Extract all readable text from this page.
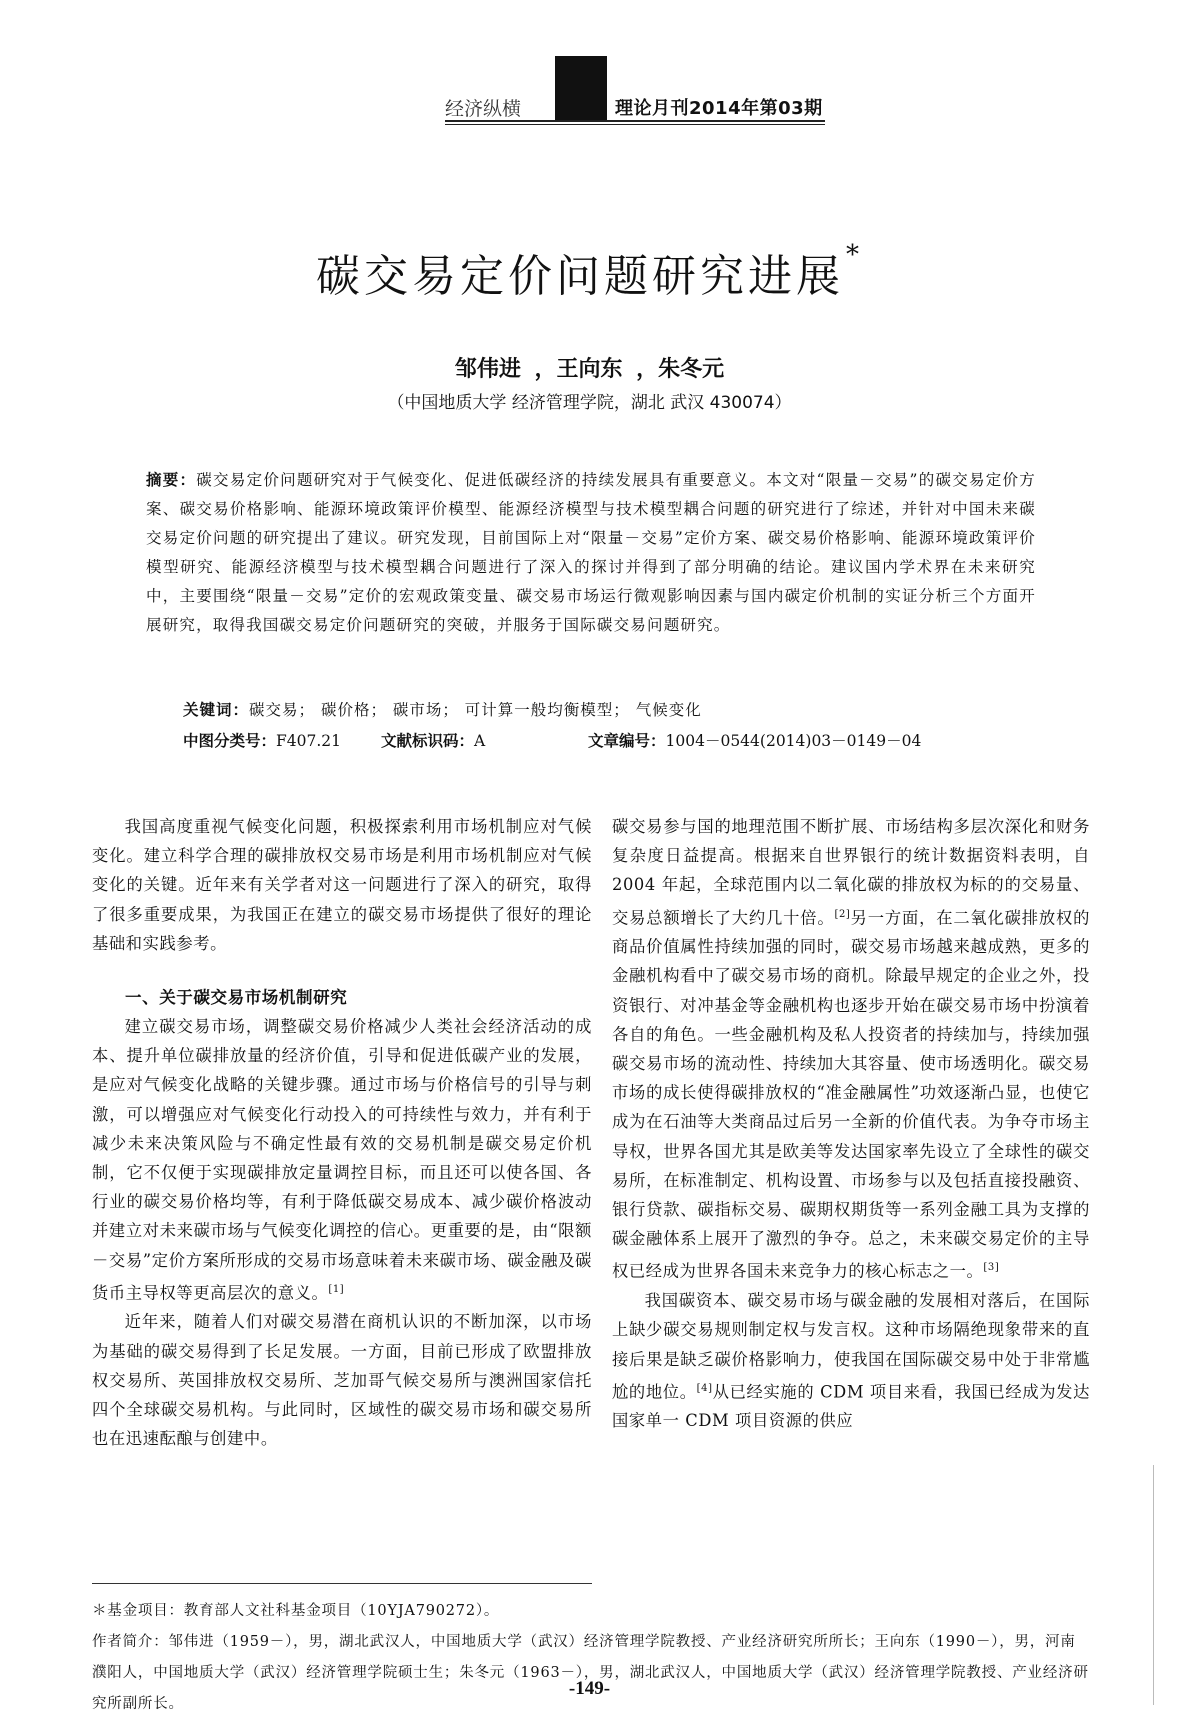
经济纵横	理论月刊2014年第03期
碳交易定价问题研究进展*
邹伟进 ，王向东 ，朱冬元
（中国地质大学 经济管理学院，湖北 武汉 430074）
摘要：碳交易定价问题研究对于气候变化、促进低碳经济的持续发展具有重要意义。本文对“限量－交易”的碳交易定价方案、碳交易价格影响、能源环境政策评价模型、能源经济模型与技术模型耦合问题的研究进行了综述，并针对中国未来碳交易定价问题的研究提出了建议。研究发现，目前国际上对“限量－交易”定价方案、碳交易价格影响、能源环境政策评价模型研究、能源经济模型与技术模型耦合问题进行了深入的探讨并得到了部分明确的结论。建议国内学术界在未来研究中，主要围绕“限量－交易”定价的宏观政策变量、碳交易市场运行微观影响因素与国内碳定价机制的实证分析三个方面开展研究，取得我国碳交易定价问题研究的突破，并服务于国际碳交易问题研究。
关键词：碳交易； 碳价格； 碳市场； 可计算一般均衡模型； 气候变化
中图分类号：F407.21	文献标识码：A	文章编号：1004－0544(2014)03－0149－04

我国高度重视气候变化问题，积极探索利用市场机制应对气候变化。建立科学合理的碳排放权交易市场是利用市场机制应对气候变化的关键。近年来有关学者对这一问题进行了深入的研究，取得了很多重要成果，为我国正在建立的碳交易市场提供了很好的理论基础和实践参考。

一、关于碳交易市场机制研究

建立碳交易市场，调整碳交易价格减少人类社会经济活动的成本、提升单位碳排放量的经济价值，引导和促进低碳产业的发展，是应对气候变化战略的关键步骤。通过市场与价格信号的引导与刺激，可以增强应对气候变化行动投入的可持续性与效力，并有利于减少未来决策风险与不确定性最有效的交易机制是碳交易定价机制，它不仅便于实现碳排放定量调控目标，而且还可以使各国、各行业的碳交易价格均等，有利于降低碳交易成本、减少碳价格波动并建立对未来碳市场与气候变化调控的信心。更重要的是，由“限额－交易”定价方案所形成的交易市场意味着未来碳市场、碳金融及碳货币主导权等更高层次的意义。[1]

近年来，随着人们对碳交易潜在商机认识的不断加深，以市场为基础的碳交易得到了长足发展。一方面，目前已形成了欧盟排放权交易所、英国排放权交易所、芝加哥气候交易所与澳洲国家信托四个全球碳交易机构。与此同时，区域性的碳交易市场和碳交易所也在迅速酝酿与创建中。

碳交易参与国的地理范围不断扩展、市场结构多层次深化和财务复杂度日益提高。根据来自世界银行的统计数据资料表明，自 2004 年起，全球范围内以二氧化碳的排放权为标的的交易量、交易总额增长了大约几十倍。[2]另一方面，在二氧化碳排放权的商品价值属性持续加强的同时，碳交易市场越来越成熟，更多的金融机构看中了碳交易市场的商机。除最早规定的企业之外，投资银行、对冲基金等金融机构也逐步开始在碳交易市场中扮演着各自的角色。一些金融机构及私人投资者的持续加与，持续加强碳交易市场的流动性、持续加大其容量、使市场透明化。碳交易市场的成长使得碳排放权的“准金融属性”功效逐渐凸显，也使它成为在石油等大类商品过后另一全新的价值代表。为争夺市场主导权，世界各国尤其是欧美等发达国家率先设立了全球性的碳交易所，在标准制定、机构设置、市场参与以及包括直接投融资、银行贷款、碳指标交易、碳期权期货等一系列金融工具为支撑的碳金融体系上展开了激烈的争夺。总之，未来碳交易定价的主导权已经成为世界各国未来竞争力的核心标志之一。[3]

我国碳资本、碳交易市场与碳金融的发展相对落后，在国际上缺少碳交易规则制定权与发言权。这种市场隔绝现象带来的直接后果是缺乏碳价格影响力，使我国在国际碳交易中处于非常尴尬的地位。[4]从已经实施的 CDM 项目来看，我国已经成为发达国家单一 CDM 项目资源的供应

＊基金项目：教育部人文社科基金项目（10YJA790272）。

作者简介：邹伟进（1959－），男，湖北武汉人，中国地质大学（武汉）经济管理学院教授、产业经济研究所所长；王向东（1990－），男，河南濮阳人，中国地质大学（武汉）经济管理学院硕士生；朱冬元（1963－），男，湖北武汉人，中国地质大学（武汉）经济管理学院教授、产业经济研究所副所长。

-149-
